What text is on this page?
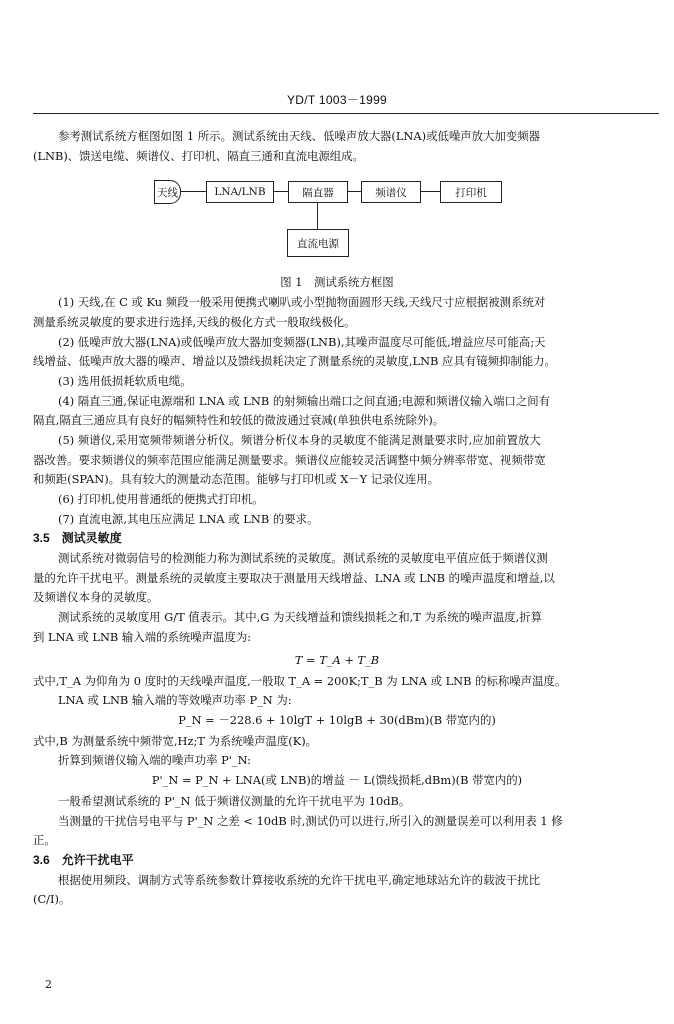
YD/T 1003－1999
参考测试系统方框图如图 1 所示。测试系统由天线、低噪声放大器(LNA)或低噪声放大加变频器
(LNB)、馈送电缆、频谱仪、打印机、隔直三通和直流电源组成。
天线	LNA/LNB	隔直器	频谱仪	打印机
直流电源
图 1　测试系统方框图
(1) 天线,在 C 或 Ku 频段一般采用便携式喇叭或小型抛物面圆形天线,天线尺寸应根据被测系统对
测量系统灵敏度的要求进行选择,天线的极化方式一般取线极化。
(2) 低噪声放大器(LNA)或低噪声放大器加变频器(LNB),其噪声温度尽可能低,增益应尽可能高;天
线增益、低噪声放大器的噪声、增益以及馈线损耗决定了测量系统的灵敏度,LNB 应具有镜频抑制能力。
(3) 选用低损耗软质电缆。
(4) 隔直三通,保证电源端和 LNA 或 LNB 的射频输出端口之间直通;电源和频谱仪输入端口之间有
隔直,隔直三通应具有良好的幅频特性和较低的微波通过衰减(单独供电系统除外)。
(5) 频谱仪,采用宽频带频谱分析仪。频谱分析仪本身的灵敏度不能满足测量要求时,应加前置放大
器改善。要求频谱仪的频率范围应能满足测量要求。频谱仪应能较灵活调整中频分辨率带宽、视频带宽
和频距(SPAN)。具有较大的测量动态范围。能够与打印机或 X－Y 记录仪连用。
(6) 打印机,使用普通纸的便携式打印机。
(7) 直流电源,其电压应满足 LNA 或 LNB 的要求。
3.5　测试灵敏度
测试系统对微弱信号的检测能力称为测试系统的灵敏度。测试系统的灵敏度电平值应低于频谱仪测
量的允许干扰电平。测量系统的灵敏度主要取决于测量用天线增益、LNA 或 LNB 的噪声温度和增益,以
及频谱仪本身的灵敏度。
测试系统的灵敏度用 G/T 值表示。其中,G 为天线增益和馈线损耗之和,T 为系统的噪声温度,折算
到 LNA 或 LNB 输入端的系统噪声温度为:
T = T_A + T_B
式中,T_A 为仰角为 0 度时的天线噪声温度,一般取 T_A = 200K;T_B 为 LNA 或 LNB 的标称噪声温度。
LNA 或 LNB 输入端的等效噪声功率 P_N 为:
P_N = －228.6 + 10lgT + 10lgB + 30(dBm)(B 带宽内的)
式中,B 为测量系统中频带宽,Hz;T 为系统噪声温度(K)。
折算到频谱仪输入端的噪声功率 P'_N:
P'_N = P_N + LNA(或 LNB)的增益 － L(馈线损耗,dBm)(B 带宽内的)
一般希望测试系统的 P'_N 低于频谱仪测量的允许干扰电平为 10dB。
当测量的干扰信号电平与 P'_N 之差 < 10dB 时,测试仍可以进行,所引入的测量误差可以利用表 1 修
正。
3.6　允许干扰电平
根据使用频段、调制方式等系统参数计算接收系统的允许干扰电平,确定地球站允许的载波干扰比
(C/I)。
2
